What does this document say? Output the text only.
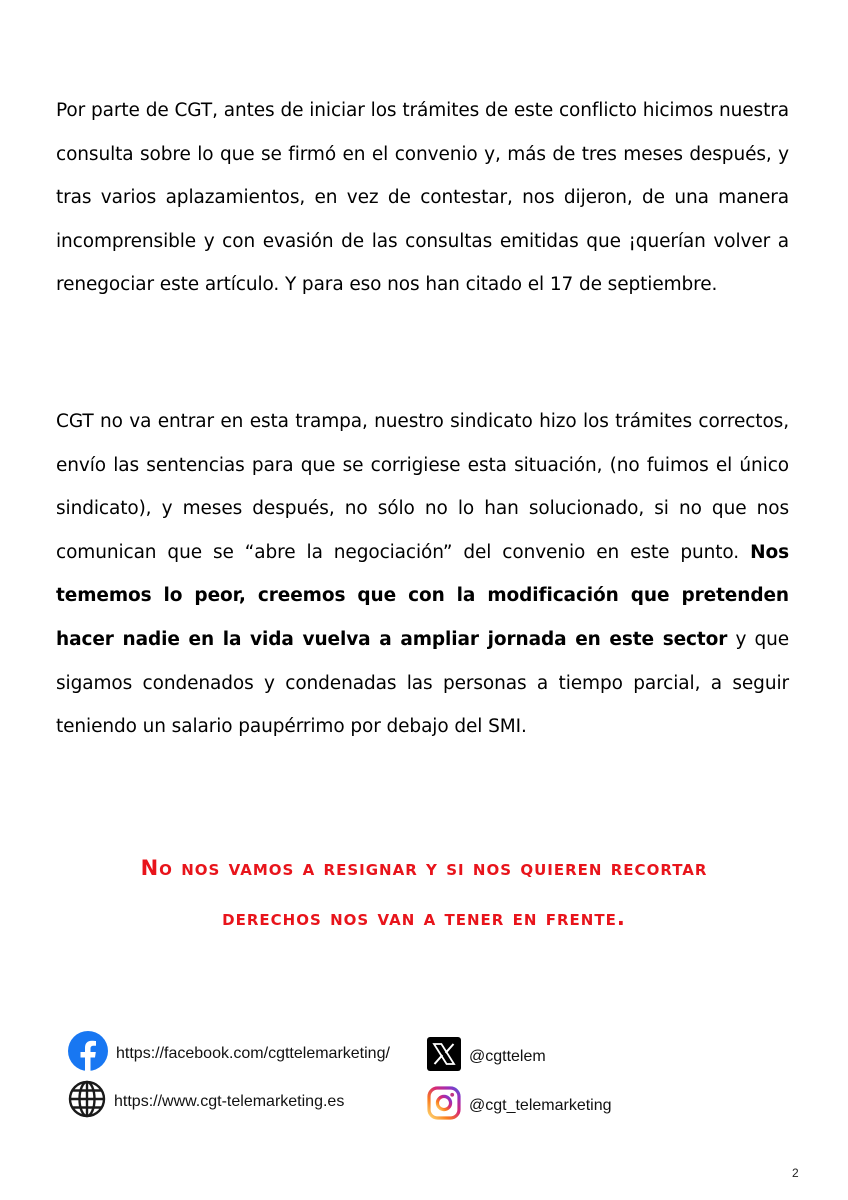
Por parte de CGT, antes de iniciar los trámites de este conflicto hicimos nuestra consulta sobre lo que se firmó en el convenio y, más de tres meses después, y tras varios aplazamientos, en vez de contestar, nos dijeron, de una manera incomprensible y con evasión de las consultas emitidas que ¡querían volver a renegociar este artículo. Y para eso nos han citado el 17 de septiembre.

CGT no va entrar en esta trampa, nuestro sindicato hizo los trámites correctos, envío las sentencias para que se corrigiese esta situación, (no fuimos el único sindicato), y meses después, no sólo no lo han solucionado, si no que nos comunican que se “abre la negociación” del convenio en este punto. Nos tememos lo peor, creemos que con la modificación que pretenden hacer nadie en la vida vuelva a ampliar jornada en este sector y que sigamos condenados y condenadas las personas a tiempo parcial, a seguir teniendo un salario paupérrimo por debajo del SMI.

No nos vamos a resignar y si nos quieren recortar

derechos nos van a tener en frente.

https://facebook.com/cgttelemarketing/
https://www.cgt-telemarketing.es
@cgttelem
@cgt_telemarketing
2
